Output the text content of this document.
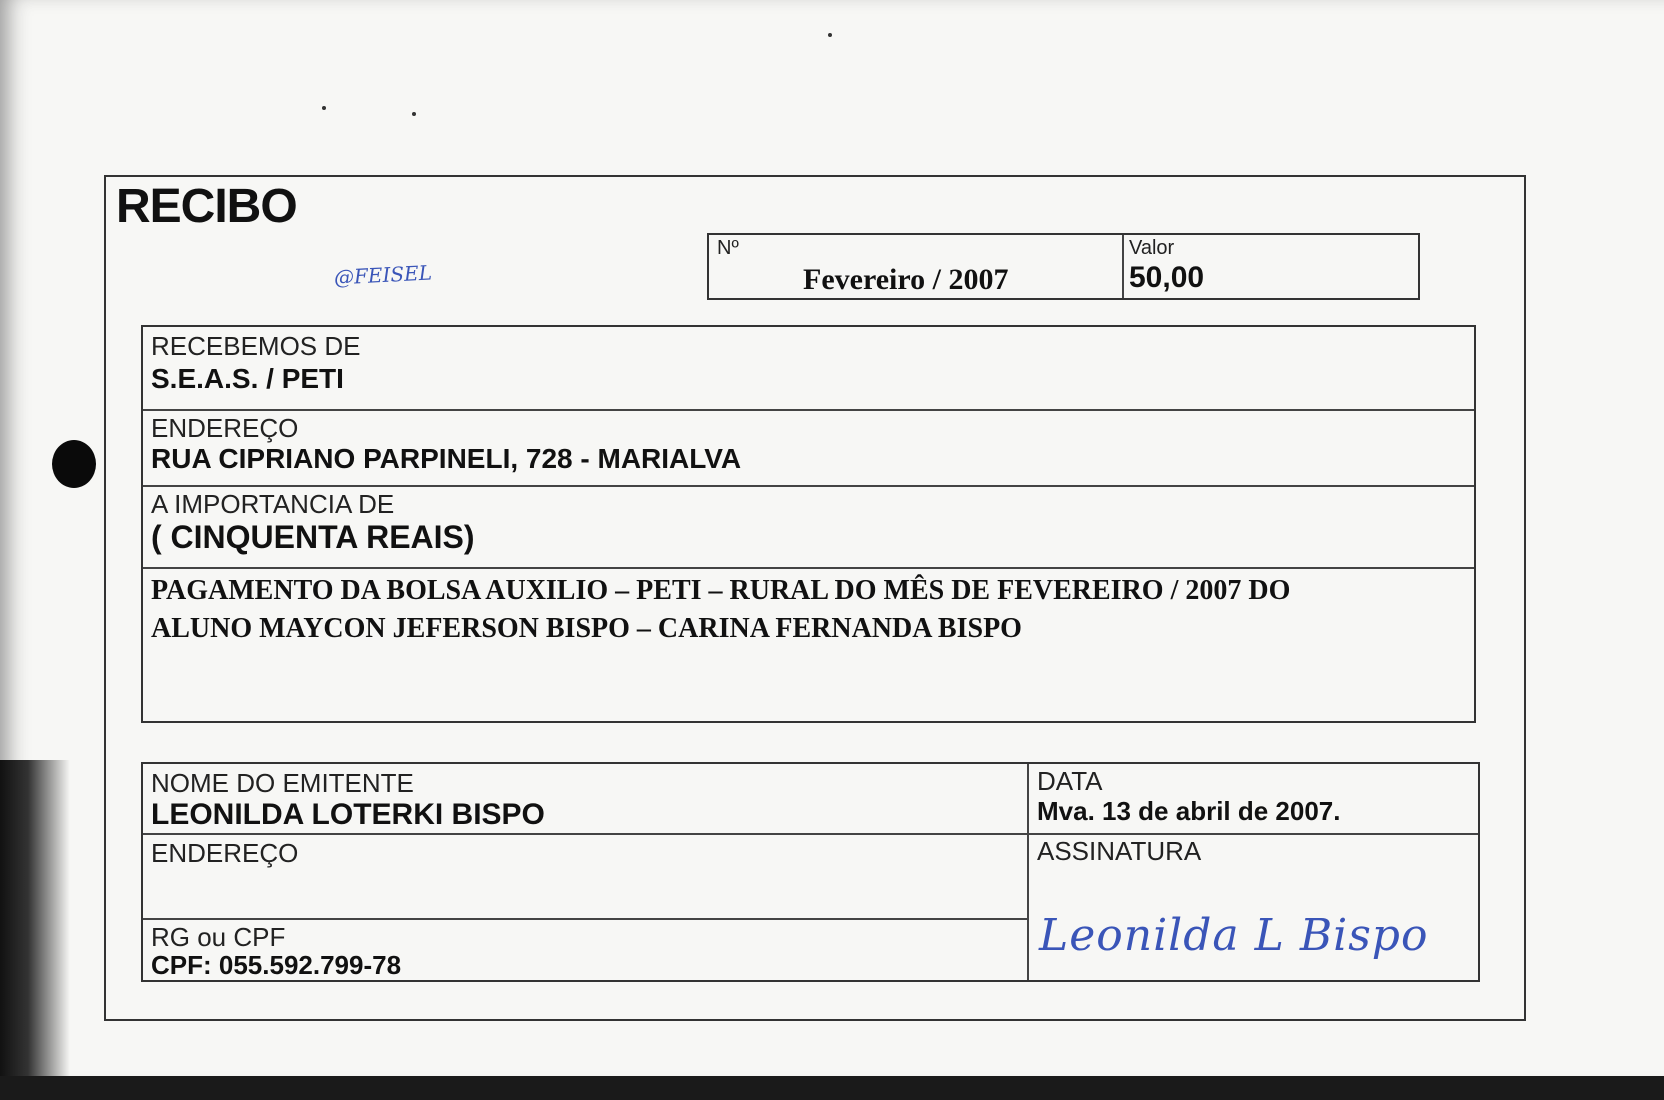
RECIBO
@FEISEL
Nº
Fevereiro / 2007
Valor
50,00
RECEBEMOS DE
S.E.A.S. / PETI
ENDEREÇO
RUA CIPRIANO PARPINELI, 728 - MARIALVA
A IMPORTANCIA DE
( CINQUENTA REAIS)
PAGAMENTO DA BOLSA AUXILIO – PETI – RURAL DO MÊS DE FEVEREIRO / 2007 DO
ALUNO MAYCON JEFERSON BISPO – CARINA FERNANDA BISPO
NOME DO EMITENTE
LEONILDA LOTERKI BISPO
ENDEREÇO
RG ou CPF
CPF: 055.592.799-78
DATA
Mva. 13 de abril de 2007.
ASSINATURA
Leonilda L Bispo
